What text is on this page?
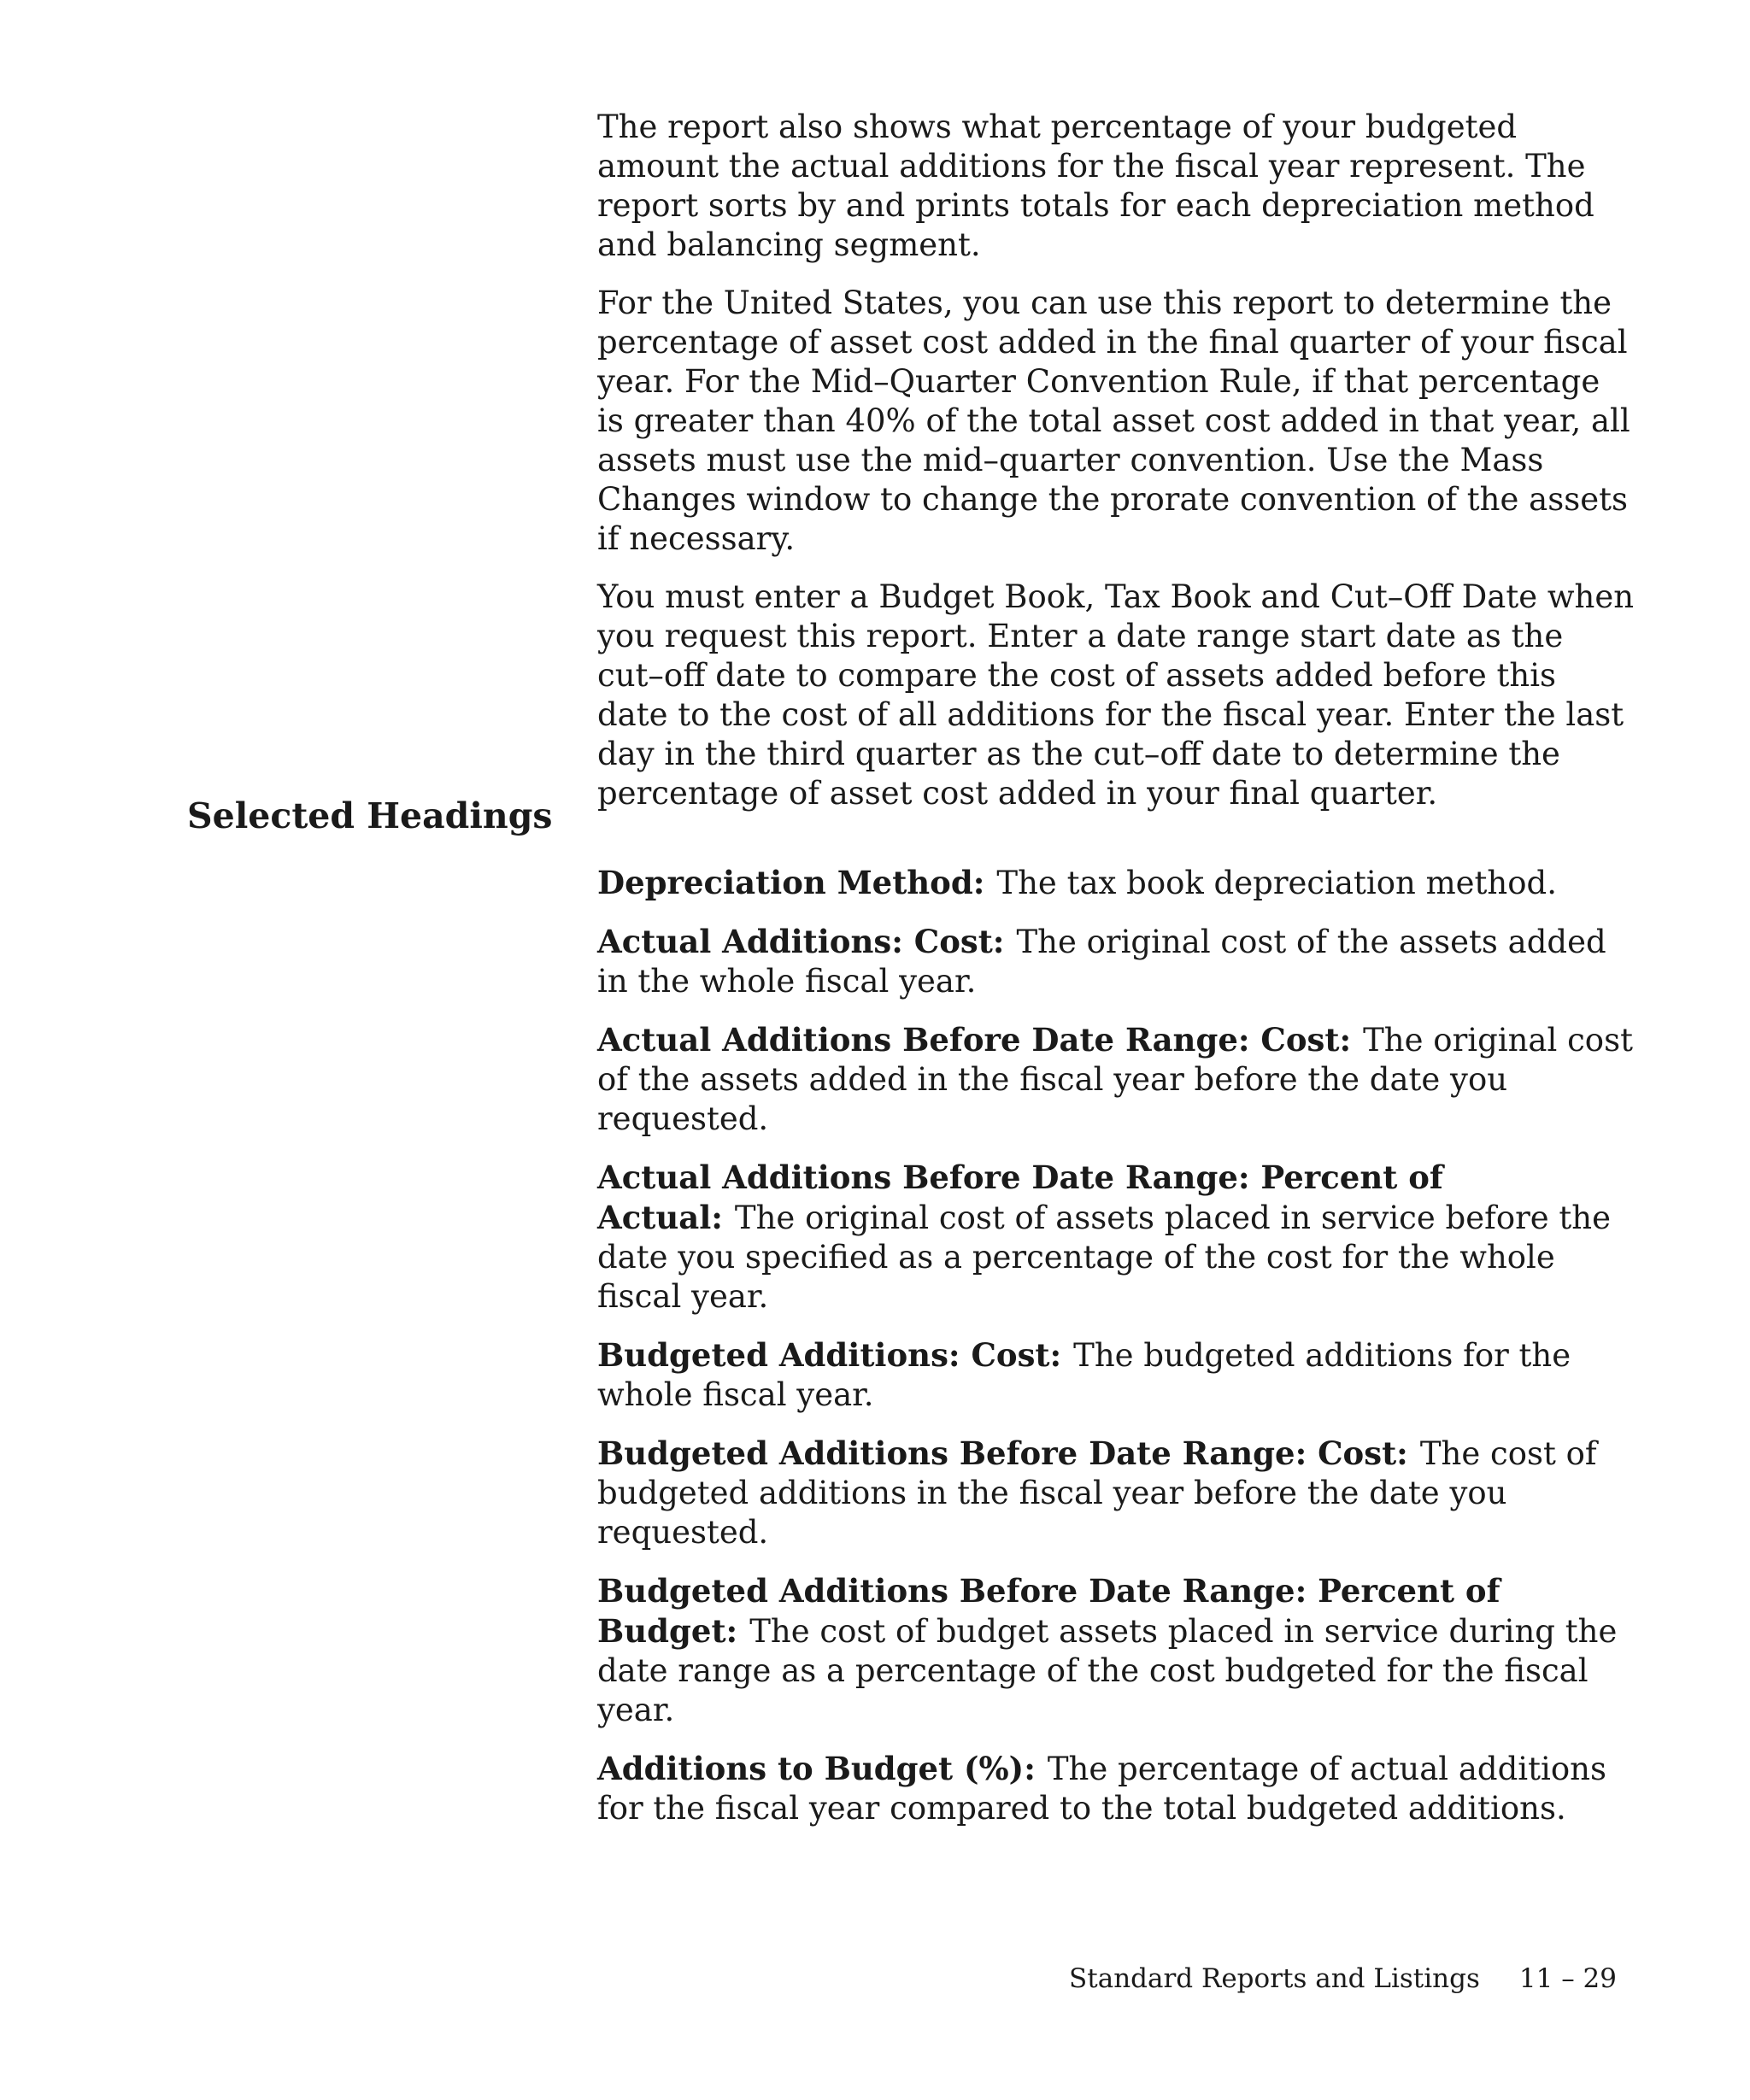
The report also shows what percentage of your budgeted amount the actual additions for the fiscal year represent. The report sorts by and prints totals for each depreciation method and balancing segment.

For the United States, you can use this report to determine the percentage of asset cost added in the final quarter of your fiscal year. For the Mid–Quarter Convention Rule, if that percentage is greater than 40% of the total asset cost added in that year, all assets must use the mid–quarter convention. Use the Mass Changes window to change the prorate convention of the assets if necessary.

You must enter a Budget Book, Tax Book and Cut–Off Date when you request this report. Enter a date range start date as the cut–off date to compare the cost of assets added before this date to the cost of all additions for the fiscal year. Enter the last day in the third quarter as the cut–off date to determine the percentage of asset cost added in your final quarter.

Selected Headings

Depreciation Method: The tax book depreciation method.

Actual Additions: Cost: The original cost of the assets added in the whole fiscal year.

Actual Additions Before Date Range: Cost: The original cost of the assets added in the fiscal year before the date you requested.

Actual Additions Before Date Range: Percent of Actual: The original cost of assets placed in service before the date you specified as a percentage of the cost for the whole fiscal year.

Budgeted Additions: Cost: The budgeted additions for the whole fiscal year.

Budgeted Additions Before Date Range: Cost: The cost of budgeted additions in the fiscal year before the date you requested.

Budgeted Additions Before Date Range: Percent of Budget: The cost of budget assets placed in service during the date range as a percentage of the cost budgeted for the fiscal year.

Additions to Budget (%): The percentage of actual additions for the fiscal year compared to the total budgeted additions.

Standard Reports and Listings 11 – 29
